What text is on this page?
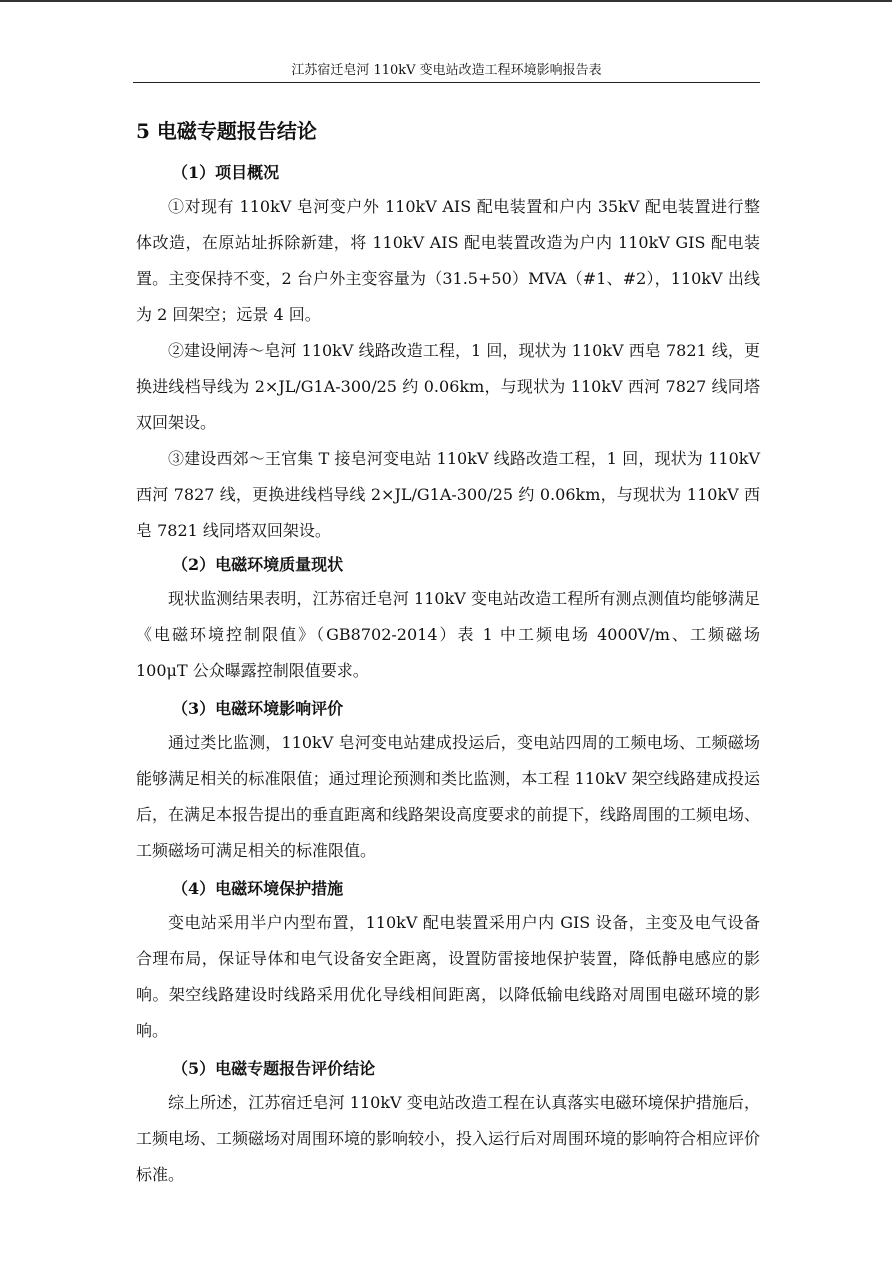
江苏宿迁皂河 110kV 变电站改造工程环境影响报告表
5 电磁专题报告结论
（1）项目概况

①对现有 110kV 皂河变户外 110kV AIS 配电装置和户内 35kV 配电装置进行整体改造，在原站址拆除新建，将 110kV AIS 配电装置改造为户内 110kV GIS 配电装置。主变保持不变，2 台户外主变容量为（31.5+50）MVA（#1、#2），110kV 出线为 2 回架空；远景 4 回。

②建设闸涛～皂河 110kV 线路改造工程，1 回，现状为 110kV 西皂 7821 线，更换进线档导线为 2×JL/G1A-300/25 约 0.06km，与现状为 110kV 西河 7827 线同塔双回架设。

③建设西郊～王官集 T 接皂河变电站 110kV 线路改造工程，1 回，现状为 110kV 西河 7827 线，更换进线档导线 2×JL/G1A-300/25 约 0.06km，与现状为 110kV 西皂 7821 线同塔双回架设。

（2）电磁环境质量现状

现状监测结果表明，江苏宿迁皂河 110kV 变电站改造工程所有测点测值均能够满足《电磁环境控制限值》（GB8702-2014）表 1 中工频电场 4000V/m、工频磁场 100μT 公众曝露控制限值要求。

（3）电磁环境影响评价

通过类比监测，110kV 皂河变电站建成投运后，变电站四周的工频电场、工频磁场能够满足相关的标准限值；通过理论预测和类比监测，本工程 110kV 架空线路建成投运后，在满足本报告提出的垂直距离和线路架设高度要求的前提下，线路周围的工频电场、工频磁场可满足相关的标准限值。

（4）电磁环境保护措施

变电站采用半户内型布置，110kV 配电装置采用户内 GIS 设备，主变及电气设备合理布局，保证导体和电气设备安全距离，设置防雷接地保护装置，降低静电感应的影响。架空线路建设时线路采用优化导线相间距离，以降低输电线路对周围电磁环境的影响。

（5）电磁专题报告评价结论

综上所述，江苏宿迁皂河 110kV 变电站改造工程在认真落实电磁环境保护措施后，工频电场、工频磁场对周围环境的影响较小，投入运行后对周围环境的影响符合相应评价标准。
